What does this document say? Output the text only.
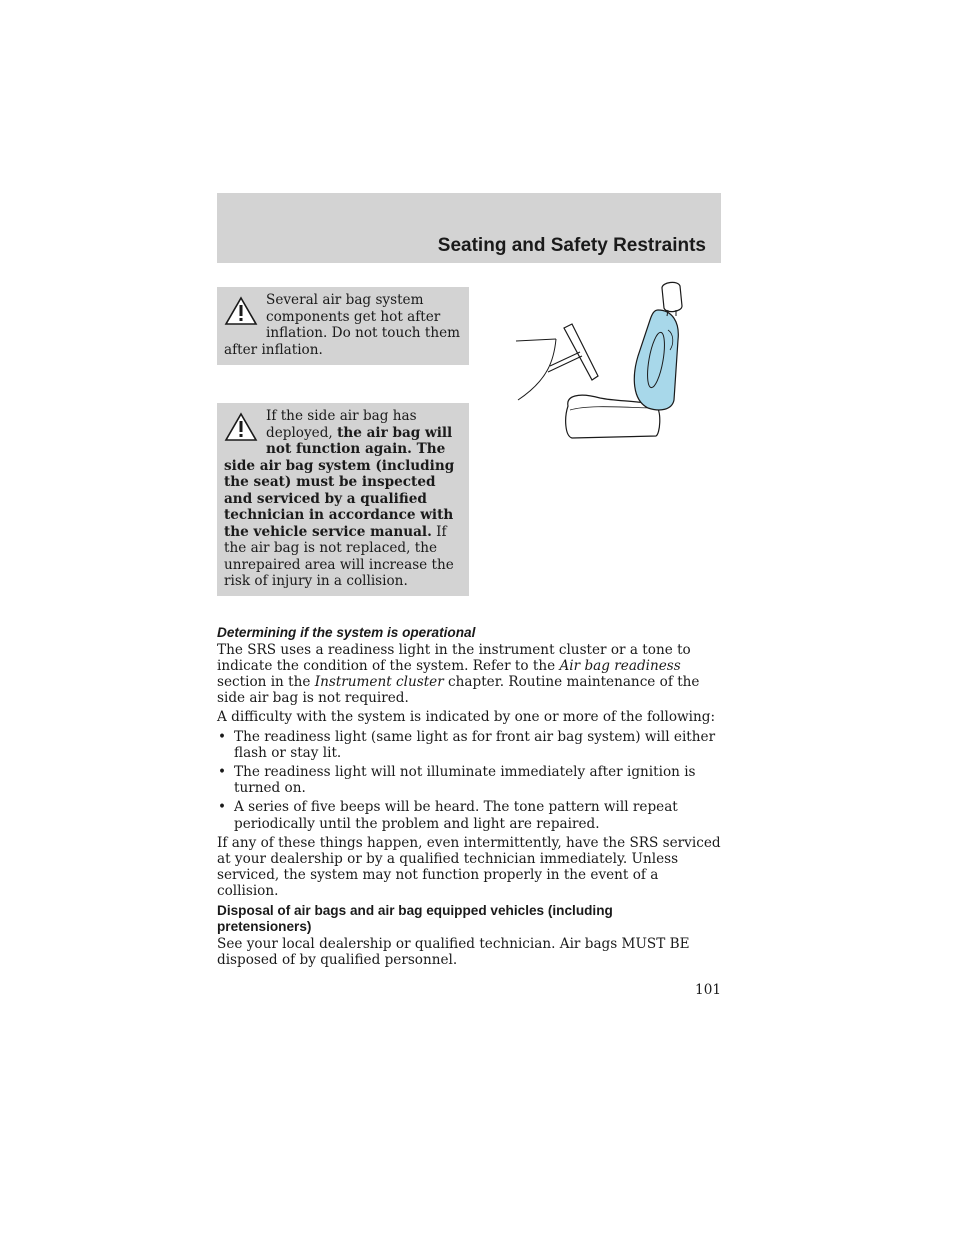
Seating and Safety Restraints
Several air bag system components get hot after inflation. Do not touch them after inflation.
If the side air bag has deployed, the air bag will not function again. The side air bag system (including the seat) must be inspected and serviced by a qualified technician in accordance with the vehicle service manual. If the air bag is not replaced, the unrepaired area will increase the risk of injury in a collision.
Determining if the system is operational

The SRS uses a readiness light in the instrument cluster or a tone to indicate the condition of the system. Refer to the Air bag readiness section in the Instrument cluster chapter. Routine maintenance of the side air bag is not required.

A difficulty with the system is indicated by one or more of the following:

• The readiness light (same light as for front air bag system) will either flash or stay lit.
• The readiness light will not illuminate immediately after ignition is turned on.
• A series of five beeps will be heard. The tone pattern will repeat periodically until the problem and light are repaired.

If any of these things happen, even intermittently, have the SRS serviced at your dealership or by a qualified technician immediately. Unless serviced, the system may not function properly in the event of a collision.

Disposal of air bags and air bag equipped vehicles (including pretensioners)

See your local dealership or qualified technician. Air bags MUST BE disposed of by qualified personnel.

101
